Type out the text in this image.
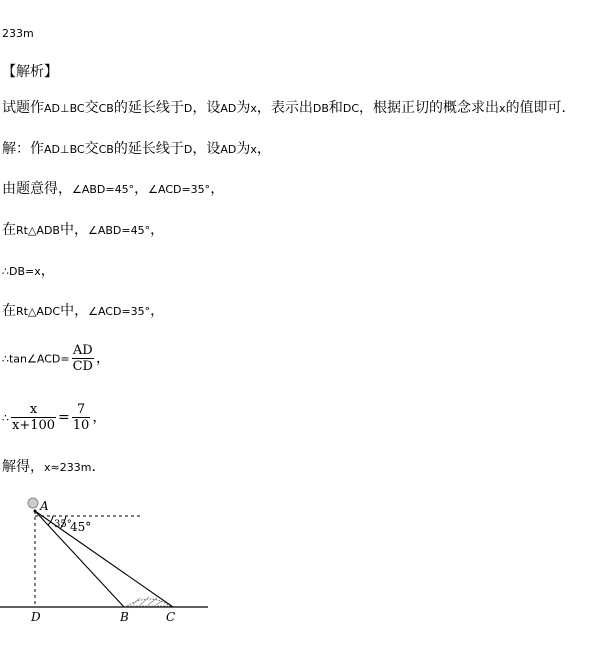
233m
【解析】
试题作AD⊥BC交CB的延长线于D，设AD为x，表示出DB和DC，根据正切的概念求出x的值即可．
解：作AD⊥BC交CB的延长线于D，设AD为x，
由题意得，∠ABD=45°，∠ACD=35°，
在Rt△ADB中，∠ABD=45°，
∴DB=x，
在Rt△ADC中，∠ACD=35°，
∴tan∠ACD= $\frac{AD}{CD}$ ，
∴ $\frac{x}{x+100} = \frac{7}{10}$ ，
解得，x≈233m．
A
D	B	C
35°
45°
